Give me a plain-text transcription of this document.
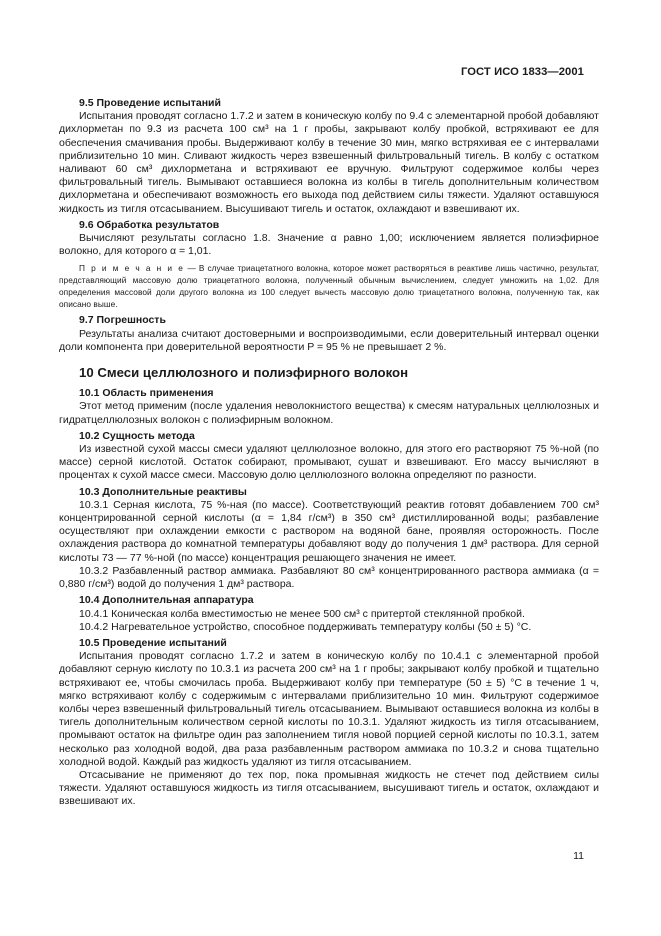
ГОСТ ИСО 1833—2001
9.5 Проведение испытаний

Испытания проводят согласно 1.7.2 и затем в коническую колбу по 9.4 с элементарной пробой добавляют дихлорметан по 9.3 из расчета 100 см³ на 1 г пробы, закрывают колбу пробкой, встряхивают ее для обеспечения смачивания пробы. Выдерживают колбу в течение 30 мин, мягко встряхивая ее с интервалами приблизительно 10 мин. Сливают жидкость через взвешенный фильтровальный тигель. В колбу с остатком наливают 60 см³ дихлорметана и встряхивают ее вручную. Фильтруют содержимое колбы через фильтровальный тигель. Вымывают оставшиеся волокна из колбы в тигель дополнительным количеством дихлорметана и обеспечивают возможность его выхода под действием силы тяжести. Удаляют оставшуюся жидкость из тигля отсасыванием. Высушивают тигель и остаток, охлаждают и взвешивают их.

9.6 Обработка результатов

Вычисляют результаты согласно 1.8. Значение α равно 1,00; исключением является полиэфирное волокно, для которого α = 1,01.

П р и м е ч а н и е — В случае триацетатного волокна, которое может растворяться в реактиве лишь частично, результат, представляющий массовую долю триацетатного волокна, полученный обычным вычислением, следует умножить на 1,02. Для определения массовой доли другого волокна из 100 следует вычесть массовую долю триацетатного волокна, полученную так, как описано выше.

9.7 Погрешность

Результаты анализа считают достоверными и воспроизводимыми, если доверительный интервал оценки доли компонента при доверительной вероятности P = 95 % не превышает 2 %.

10 Смеси целлюлозного и полиэфирного волокон
10.1 Область применения

Этот метод применим (после удаления неволокнистого вещества) к смесям натуральных целлюлозных и гидратцеллюлозных волокон с полиэфирным волокном.

10.2 Сущность метода

Из известной сухой массы смеси удаляют целлюлозное волокно, для этого его растворяют 75 %-ной (по массе) серной кислотой. Остаток собирают, промывают, сушат и взвешивают. Его массу вычисляют в процентах к сухой массе смеси. Массовую долю целлюлозного волокна определяют по разности.

10.3 Дополнительные реактивы

10.3.1 Серная кислота, 75 %-ная (по массе). Соответствующий реактив готовят добавлением 700 см³ концентрированной серной кислоты (α = 1,84 г/см³) в 350 см³ дистиллированной воды; разбавление осуществляют при охлаждении емкости с раствором на водяной бане, проявляя осторожность. После охлаждения раствора до комнатной температуры добавляют воду до получения 1 дм³ раствора. Для серной кислоты 73 — 77 %-ной (по массе) концентрация решающего значения не имеет.

10.3.2 Разбавленный раствор аммиака. Разбавляют 80 см³ концентрированного раствора аммиака (α = 0,880 г/см³) водой до получения 1 дм³ раствора.

10.4 Дополнительная аппаратура

10.4.1 Коническая колба вместимостью не менее 500 см³ с притертой стеклянной пробкой.

10.4.2 Нагревательное устройство, способное поддерживать температуру колбы (50 ± 5) °С.

10.5 Проведение испытаний

Испытания проводят согласно 1.7.2 и затем в коническую колбу по 10.4.1 с элементарной пробой добавляют серную кислоту по 10.3.1 из расчета 200 см³ на 1 г пробы; закрывают колбу пробкой и тщательно встряхивают ее, чтобы смочилась проба. Выдерживают колбу при температуре (50 ± 5) °С в течение 1 ч, мягко встряхивают колбу с содержимым с интервалами приблизительно 10 мин. Фильтруют содержимое колбы через взвешенный фильтровальный тигель отсасыванием. Вымывают оставшиеся волокна из колбы в тигель дополнительным количеством серной кислоты по 10.3.1. Удаляют жидкость из тигля отсасыванием, промывают остаток на фильтре один раз заполнением тигля новой порцией серной кислоты по 10.3.1, затем несколько раз холодной водой, два раза разбавленным раствором аммиака по 10.3.2 и снова тщательно холодной водой. Каждый раз жидкость удаляют из тигля отсасыванием.

Отсасывание не применяют до тех пор, пока промывная жидкость не стечет под действием силы тяжести. Удаляют оставшуюся жидкость из тигля отсасыванием, высушивают тигель и остаток, охлаждают и взвешивают их.

11
